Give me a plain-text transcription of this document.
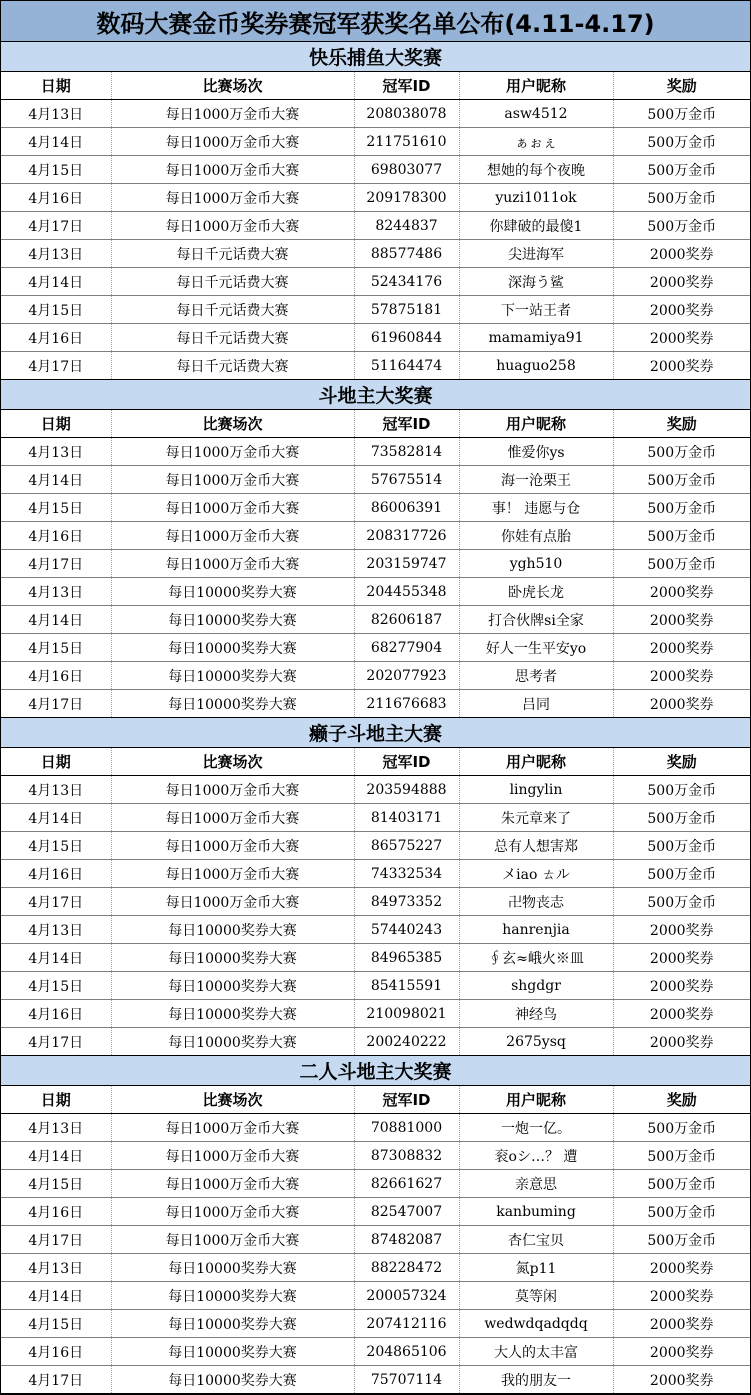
数码大赛金币奖券赛冠军获奖名单公布(4.11-4.17)
快乐捕鱼大奖赛
日期	比赛场次	冠军ID	用户昵称	奖励
4月13日	每日1000万金币大赛	208038078	asw4512	500万金币
4月14日	每日1000万金币大赛	211751610	ぁぉぇ	500万金币
4月15日	每日1000万金币大赛	69803077	想她的每个夜晚	500万金币
4月16日	每日1000万金币大赛	209178300	yuzi1011ok	500万金币
4月17日	每日1000万金币大赛	8244837	你肆破的最傻1	500万金币
4月13日	每日千元话费大赛	88577486	尖进海军	2000奖券
4月14日	每日千元话费大赛	52434176	深海う鲨	2000奖券
4月15日	每日千元话费大赛	57875181	下一站王者	2000奖券
4月16日	每日千元话费大赛	61960844	mamamiya91	2000奖券
4月17日	每日千元话费大赛	51164474	huaguo258	2000奖券
斗地主大奖赛
日期	比赛场次	冠军ID	用户昵称	奖励
4月13日	每日1000万金币大赛	73582814	惟爱你ys	500万金币
4月14日	每日1000万金币大赛	57675514	海一沧栗王	500万金币
4月15日	每日1000万金币大赛	86006391	事！ 违愿与仓	500万金币
4月16日	每日1000万金币大赛	208317726	你娃有点胎	500万金币
4月17日	每日1000万金币大赛	203159747	ygh510	500万金币
4月13日	每日10000奖券大赛	204455348	卧虎长龙	2000奖券
4月14日	每日10000奖券大赛	82606187	打合伙牌si全家	2000奖券
4月15日	每日10000奖券大赛	68277904	好人一生平安yo	2000奖券
4月16日	每日10000奖券大赛	202077923	思考者	2000奖券
4月17日	每日10000奖券大赛	211676683	吕同	2000奖券
癞子斗地主大赛
日期	比赛场次	冠军ID	用户昵称	奖励
4月13日	每日1000万金币大赛	203594888	lingylin	500万金币
4月14日	每日1000万金币大赛	81403171	朱元章来了	500万金币
4月15日	每日1000万金币大赛	86575227	总有人想害郑	500万金币
4月16日	每日1000万金币大赛	74332534	メiao ㄊル	500万金币
4月17日	每日1000万金币大赛	84973352	卍物丧志	500万金币
4月13日	每日10000奖券大赛	57440243	hanrenjia	2000奖券
4月14日	每日10000奖券大赛	84965385	∮玄≈峨火※皿	2000奖券
4月15日	每日10000奖券大赛	85415591	shgdgr	2000奖券
4月16日	每日10000奖券大赛	210098021	神经鸟	2000奖券
4月17日	每日10000奖券大赛	200240222	2675ysq	2000奖券
二人斗地主大奖赛
日期	比赛场次	冠军ID	用户昵称	奖励
4月13日	每日1000万金币大赛	70881000	一炮一亿。	500万金币
4月14日	每日1000万金币大赛	87308832	衮oシ…？ 遭	500万金币
4月15日	每日1000万金币大赛	82661627	亲意思	500万金币
4月16日	每日1000万金币大赛	82547007	kanbuming	500万金币
4月17日	每日1000万金币大赛	87482087	杏仁宝贝	500万金币
4月13日	每日10000奖券大赛	88228472	氮p11	2000奖券
4月14日	每日10000奖券大赛	200057324	莫等闲	2000奖券
4月15日	每日10000奖券大赛	207412116	wedwdqadqdq	2000奖券
4月16日	每日10000奖券大赛	204865106	大人的太丰富	2000奖券
4月17日	每日10000奖券大赛	75707114	我的朋友一	2000奖券
